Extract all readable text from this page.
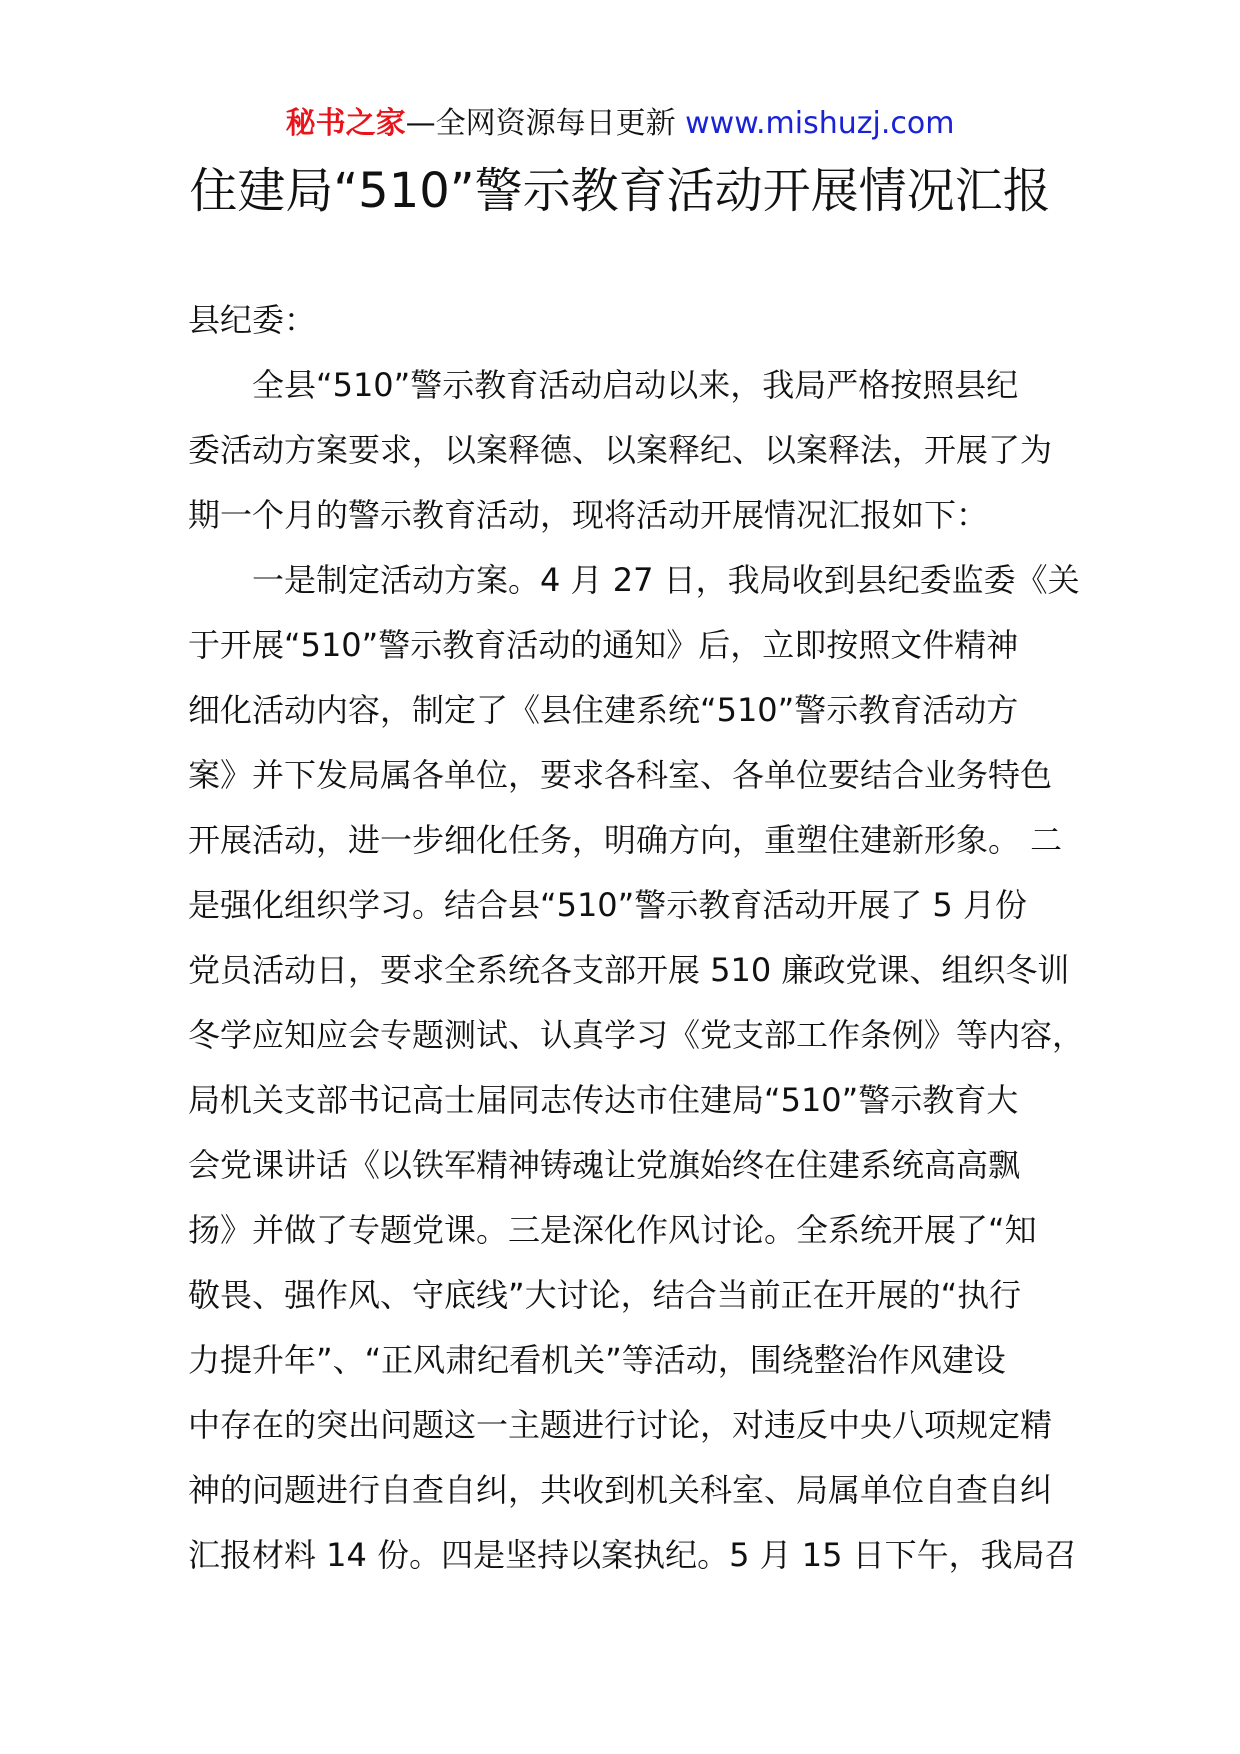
秘书之家—全网资源每日更新 www.mishuzj.com
住建局“510”警示教育活动开展情况汇报
县纪委：
全县“510”警示教育活动启动以来，我局严格按照县纪
委活动方案要求，以案释德、以案释纪、以案释法，开展了为
期一个月的警示教育活动，现将活动开展情况汇报如下：
一是制定活动方案。4 月 27 日，我局收到县纪委监委《关
于开展“510”警示教育活动的通知》后，立即按照文件精神
细化活动内容，制定了《县住建系统“510”警示教育活动方
案》并下发局属各单位，要求各科室、各单位要结合业务特色
开展活动，进一步细化任务，明确方向，重塑住建新形象。 二
是强化组织学习。结合县“510”警示教育活动开展了 5 月份
党员活动日，要求全系统各支部开展 510 廉政党课、组织冬训
冬学应知应会专题测试、认真学习《党支部工作条例》等内容，
局机关支部书记高士届同志传达市住建局“510”警示教育大
会党课讲话《以铁军精神铸魂让党旗始终在住建系统高高飘
扬》并做了专题党课。三是深化作风讨论。全系统开展了“知
敬畏、强作风、守底线”大讨论，结合当前正在开展的“执行
力提升年”、“正风肃纪看机关”等活动，围绕整治作风建设
中存在的突出问题这一主题进行讨论，对违反中央八项规定精
神的问题进行自查自纠，共收到机关科室、局属单位自查自纠
汇报材料 14 份。四是坚持以案执纪。5 月 15 日下午，我局召
